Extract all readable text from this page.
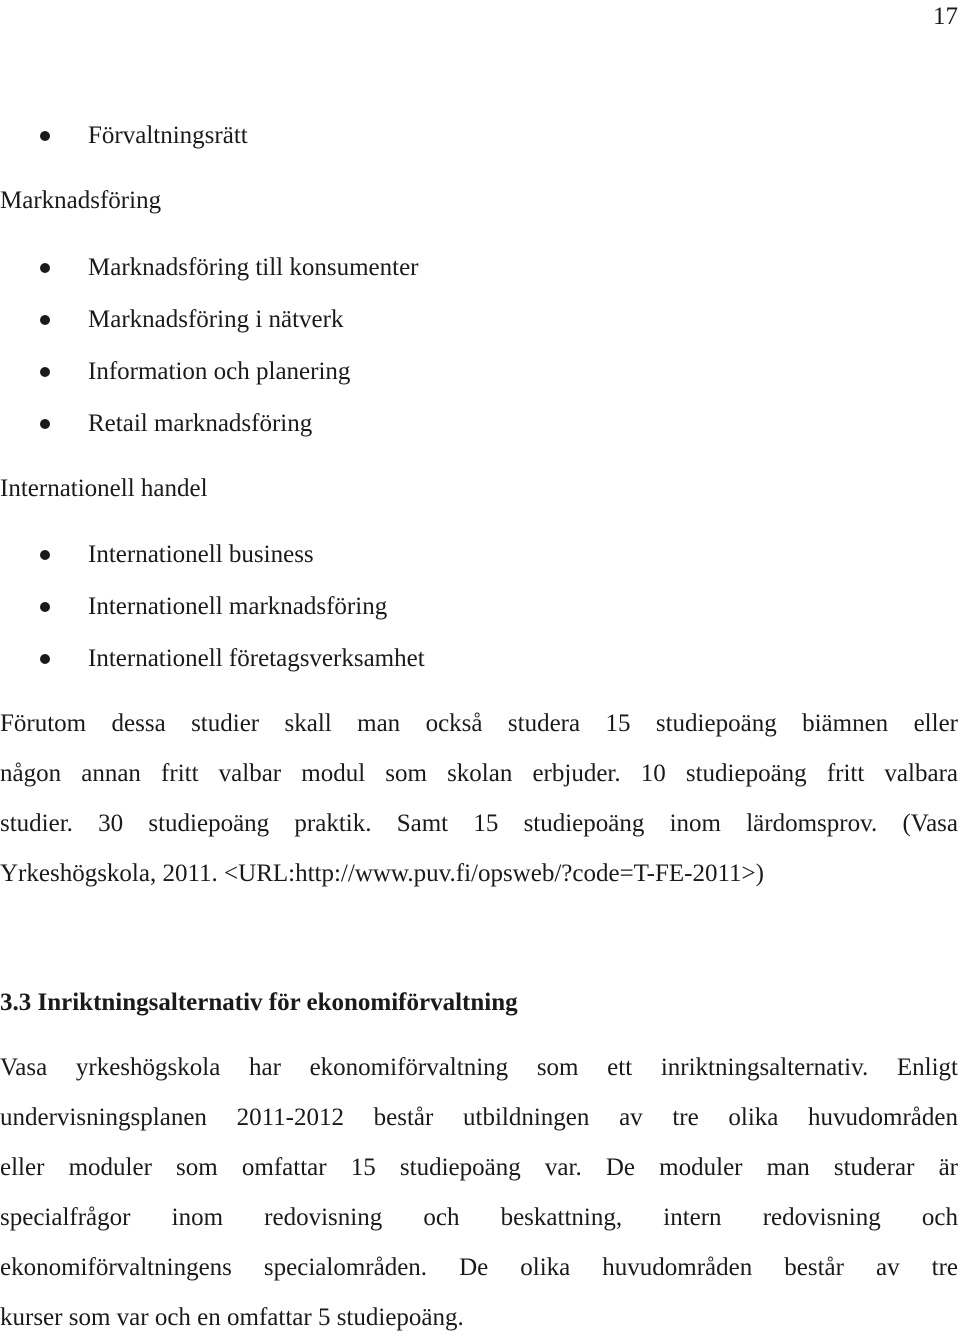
17
Förvaltningsrätt
Marknadsföring
Marknadsföring till konsumenter
Marknadsföring i nätverk
Information och planering
Retail marknadsföring
Internationell handel
Internationell business
Internationell marknadsföring
Internationell företagsverksamhet
Förutom dessa studier skall man också studera 15 studiepoäng biämnen eller
någon annan fritt valbar modul som skolan erbjuder. 10 studiepoäng fritt valbara
studier. 30 studiepoäng praktik. Samt 15 studiepoäng inom lärdomsprov. (Vasa
Yrkeshögskola, 2011. <URL:http://www.puv.fi/opsweb/?code=T-FE-2011>)
3.3 Inriktningsalternativ för ekonomiförvaltning
Vasa yrkeshögskola har ekonomiförvaltning som ett inriktningsalternativ. Enligt
undervisningsplanen 2011-2012 består utbildningen av tre olika huvudområden
eller moduler som omfattar 15 studiepoäng var. De moduler man studerar är
specialfrågor inom redovisning och beskattning, intern redovisning och
ekonomiförvaltningens specialområden. De olika huvudområden består av tre
kurser som var och en omfattar 5 studiepoäng.
